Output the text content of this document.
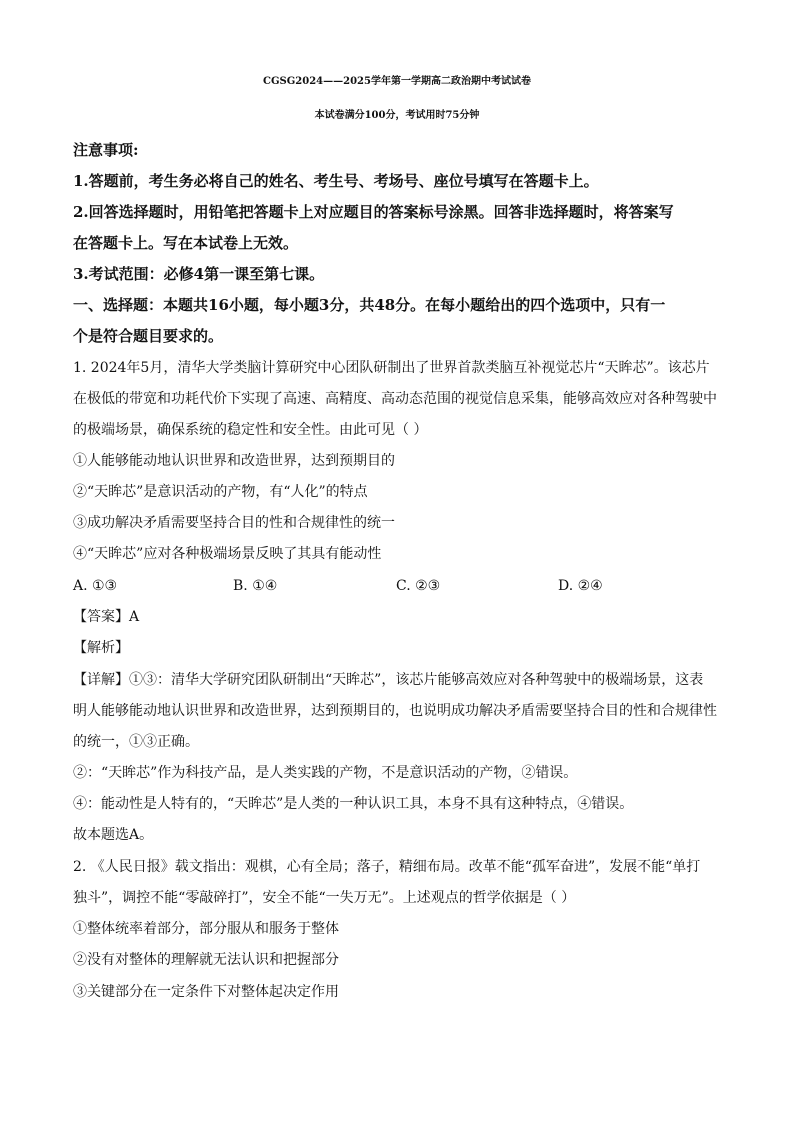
CGSG2024——2025学年第一学期高二政治期中考试试卷
本试卷满分100分，考试用时75分钟
注意事项:
1.答题前，考生务必将自己的姓名、考生号、考场号、座位号填写在答题卡上。
2.回答选择题时，用铅笔把答题卡上对应题目的答案标号涂黑。回答非选择题时，将答案写
在答题卡上。写在本试卷上无效。
3.考试范围：必修4第一课至第七课。
一、选择题：本题共16小题，每小题3分，共48分。在每小题给出的四个选项中，只有一
个是符合题目要求的。
1. 2024年5月，清华大学类脑计算研究中心团队研制出了世界首款类脑互补视觉芯片“天眸芯”。该芯片
在极低的带宽和功耗代价下实现了高速、高精度、高动态范围的视觉信息采集，能够高效应对各种驾驶中
的极端场景，确保系统的稳定性和安全性。由此可见（ ）
①人能够能动地认识世界和改造世界，达到预期目的
②“天眸芯”是意识活动的产物，有“人化”的特点
③成功解决矛盾需要坚持合目的性和合规律性的统一
④“天眸芯”应对各种极端场景反映了其具有能动性
A. ①③	B. ①④	C. ②③	D. ②④
【答案】A
【解析】
【详解】①③：清华大学研究团队研制出“天眸芯”，该芯片能够高效应对各种驾驶中的极端场景，这表
明人能够能动地认识世界和改造世界，达到预期目的，也说明成功解决矛盾需要坚持合目的性和合规律性
的统一，①③正确。
②：“天眸芯”作为科技产品，是人类实践的产物，不是意识活动的产物，②错误。
④：能动性是人特有的，“天眸芯”是人类的一种认识工具，本身不具有这种特点，④错误。
故本题选A。
2. 《人民日报》载文指出：观棋，心有全局；落子，精细布局。改革不能“孤军奋进”，发展不能“单打
独斗”，调控不能“零敲碎打”，安全不能“一失万无”。上述观点的哲学依据是（ ）
①整体统率着部分，部分服从和服务于整体
②没有对整体的理解就无法认识和把握部分
③关键部分在一定条件下对整体起决定作用
